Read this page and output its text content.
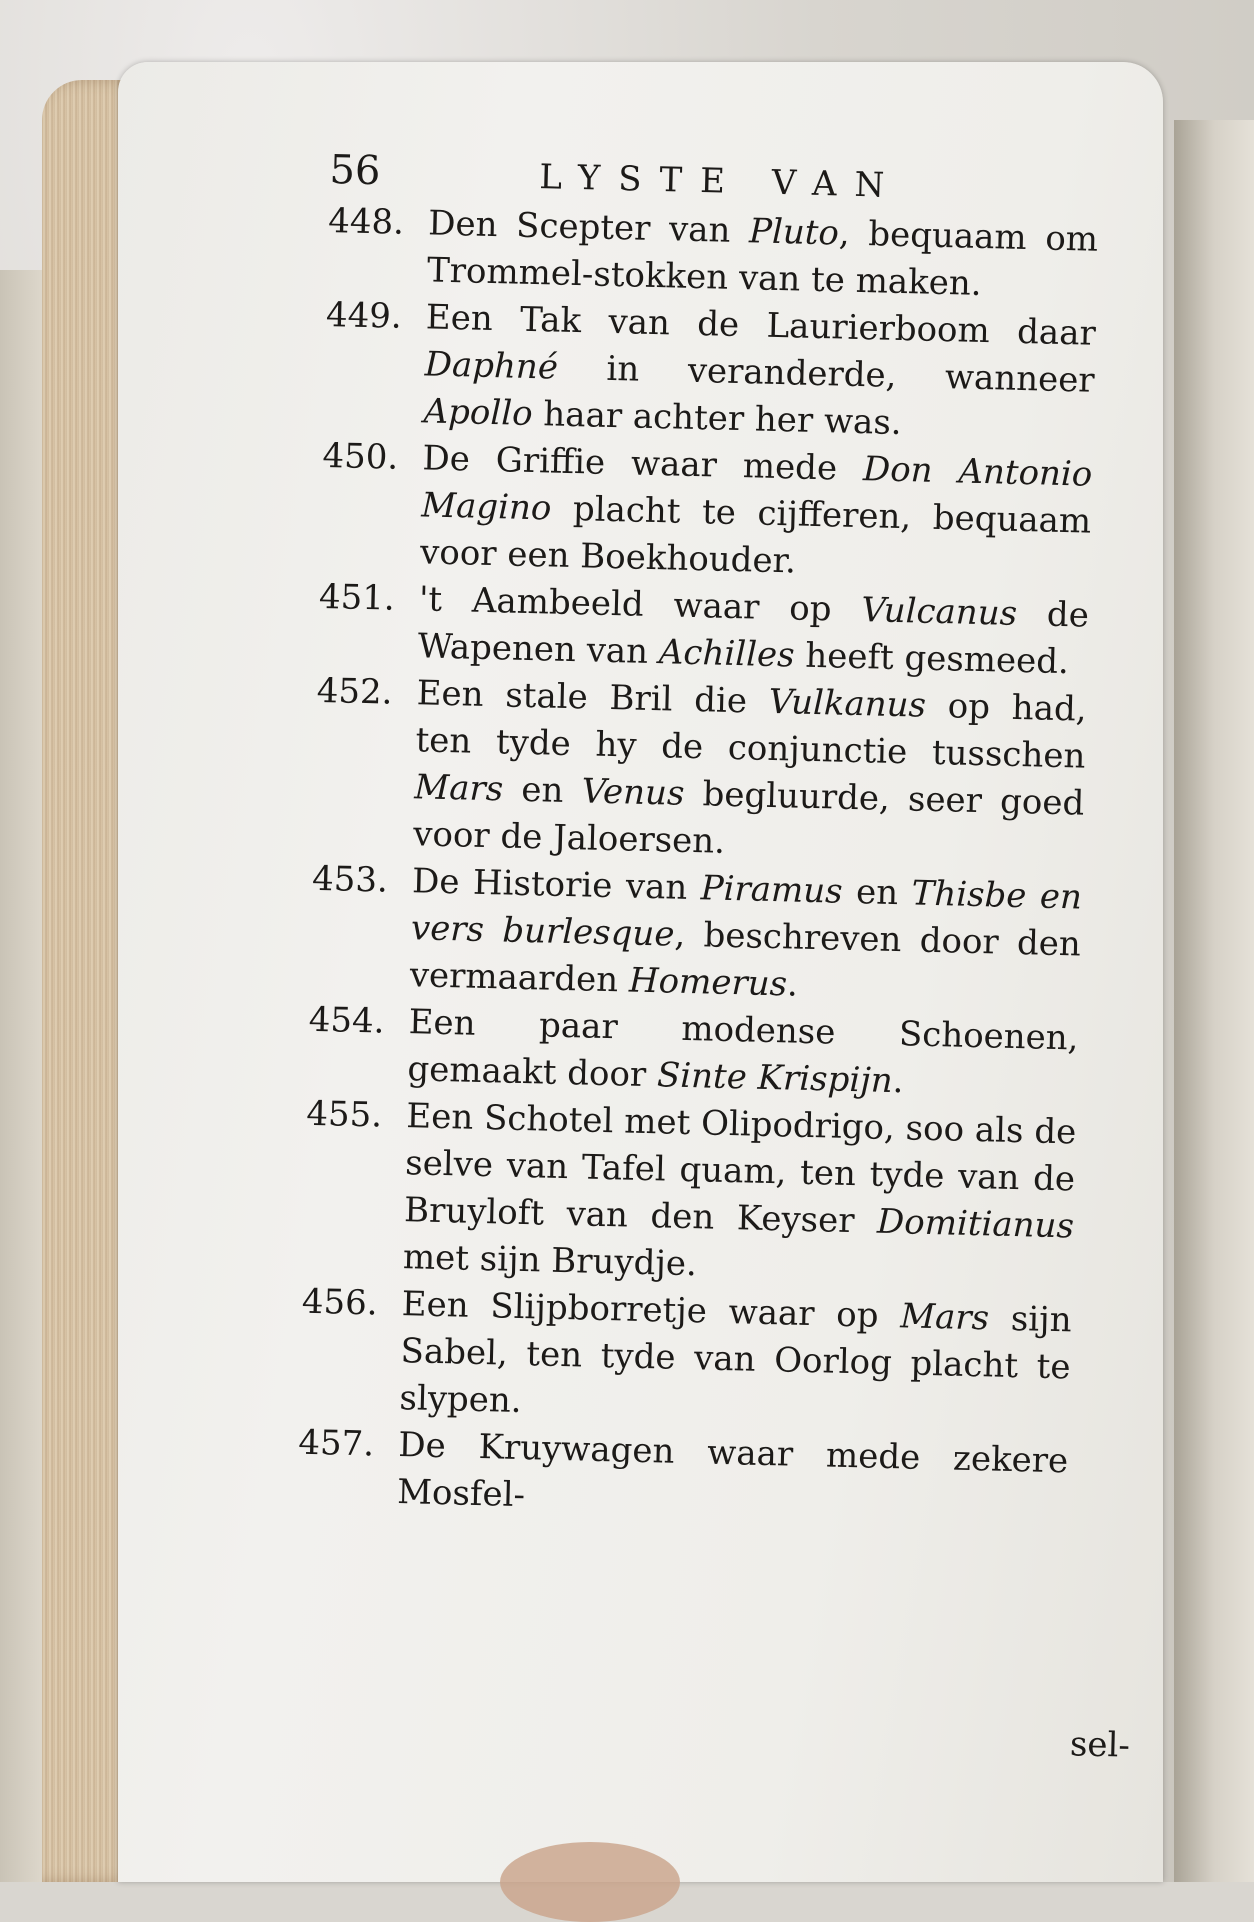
56	LYSTE VAN
448. Den Scepter van Pluto, bequaam om Trommel-stokken van te maken.
449. Een Tak van de Laurierboom daar Daphné in veranderde, wanneer Apollo haar achter her was.
450. De Griffie waar mede Don Antonio Magino placht te cijfferen, bequaam voor een Boekhouder.
451. 't Aambeeld waar op Vulcanus de Wapenen van Achilles heeft gesmeed.
452. Een stale Bril die Vulkanus op had, ten tyde hy de conjunctie tusschen Mars en Venus begluurde, seer goed voor de Jaloersen.
453. De Historie van Piramus en Thisbe en vers burlesque, beschreven door den vermaarden Homerus.
454. Een paar modense Schoenen, gemaakt door Sinte Krispijn.
455. Een Schotel met Olipodrigo, soo als de selve van Tafel quam, ten tyde van de Bruyloft van den Keyser Domitianus met sijn Bruydje.
456. Een Slijpborretje waar op Mars sijn Sabel, ten tyde van Oorlog placht te slypen.
457. De Kruywagen waar mede zekere Mosfel-
sel-
